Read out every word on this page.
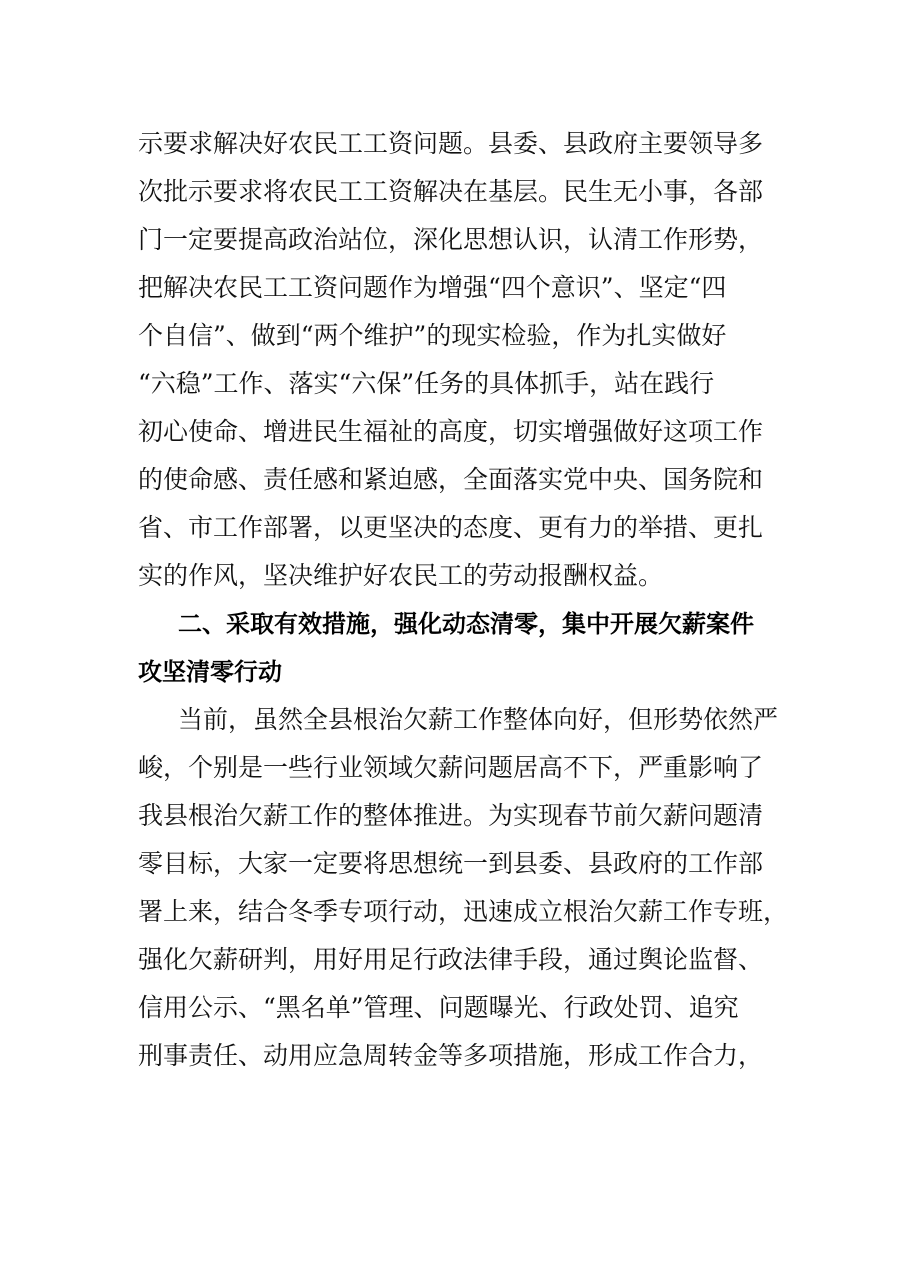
示要求解决好农民工工资问题。县委、县政府主要领导多
次批示要求将农民工工资解决在基层。民生无小事，各部
门一定要提高政治站位，深化思想认识，认清工作形势，
把解决农民工工资问题作为增强“四个意识”、坚定“四
个自信”、做到“两个维护”的现实检验，作为扎实做好
“六稳”工作、落实“六保”任务的具体抓手，站在践行
初心使命、增进民生福祉的高度，切实增强做好这项工作
的使命感、责任感和紧迫感，全面落实党中央、国务院和
省、市工作部署，以更坚决的态度、更有力的举措、更扎
实的作风，坚决维护好农民工的劳动报酬权益。
二、采取有效措施，强化动态清零，集中开展欠薪案件
攻坚清零行动
当前，虽然全县根治欠薪工作整体向好，但形势依然严
峻，个别是一些行业领域欠薪问题居高不下，严重影响了
我县根治欠薪工作的整体推进。为实现春节前欠薪问题清
零目标，大家一定要将思想统一到县委、县政府的工作部
署上来，结合冬季专项行动，迅速成立根治欠薪工作专班，
强化欠薪研判，用好用足行政法律手段，通过舆论监督、
信用公示、“黑名单”管理、问题曝光、行政处罚、追究
刑事责任、动用应急周转金等多项措施，形成工作合力，
